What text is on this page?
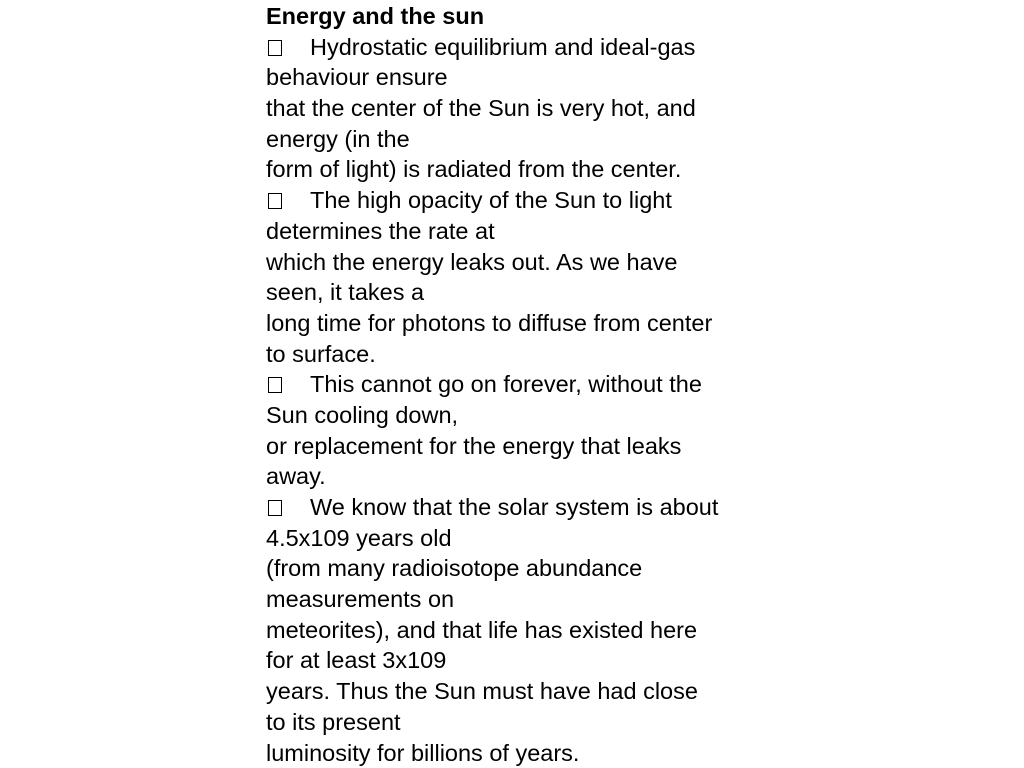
Energy and the sun
Hydrostatic equilibrium and ideal-gas
behaviour ensure
that the center of the Sun is very hot, and
energy (in the
form of light) is radiated from the center.
The high opacity of the Sun to light
determines the rate at
which the energy leaks out. As we have
seen, it takes a
long time for photons to diffuse from center
to surface.
This cannot go on forever, without the
Sun cooling down,
or replacement for the energy that leaks
away.
We know that the solar system is about
4.5x109 years old
(from many radioisotope abundance
measurements on
meteorites), and that life has existed here
for at least 3x109
years. Thus the Sun must have had close
to its present
luminosity for billions of years.
